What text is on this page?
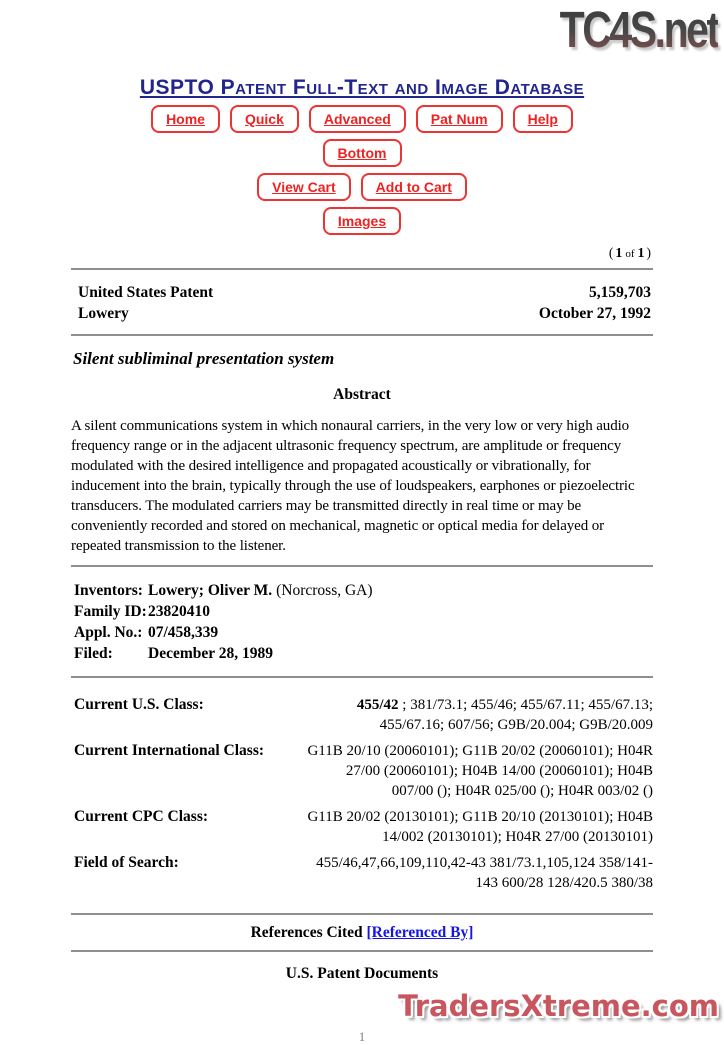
TC4S.net
USPTO Patent Full-Text and Image Database
Home	Quick	Advanced	Pat Num	Help
Bottom
View Cart	Add to Cart
Images
( 1 of 1 )
United States Patent	5,159,703
Lowery	October 27, 1992
Silent subliminal presentation system
Abstract

A silent communications system in which nonaural carriers, in the very low or very high audio frequency range or in the adjacent ultrasonic frequency spectrum, are amplitude or frequency modulated with the desired intelligence and propagated acoustically or vibrationally, for inducement into the brain, typically through the use of loudspeakers, earphones or piezoelectric transducers. The modulated carriers may be transmitted directly in real time or may be conveniently recorded and stored on mechanical, magnetic or optical media for delayed or repeated transmission to the listener.

Inventors: Lowery; Oliver M. (Norcross, GA)
Family ID: 23820410
Appl. No.: 07/458,339
Filed:	December 28, 1989
Current U.S. Class:	455/42 ; 381/73.1; 455/46; 455/67.11; 455/67.13; 455/67.16; 607/56; G9B/20.004; G9B/20.009
Current International Class:	G11B 20/10 (20060101); G11B 20/02 (20060101); H04R 27/00 (20060101); H04B 14/00 (20060101); H04B 007/00 (); H04R 025/00 (); H04R 003/02 ()
Current CPC Class:	G11B 20/02 (20130101); G11B 20/10 (20130101); H04B 14/002 (20130101); H04R 27/00 (20130101)
Field of Search:	455/46,47,66,109,110,42-43 381/73.1,105,124 358/141-143 600/28 128/420.5 380/38
References Cited [Referenced By]
U.S. Patent Documents
1
TradersXtreme.com
